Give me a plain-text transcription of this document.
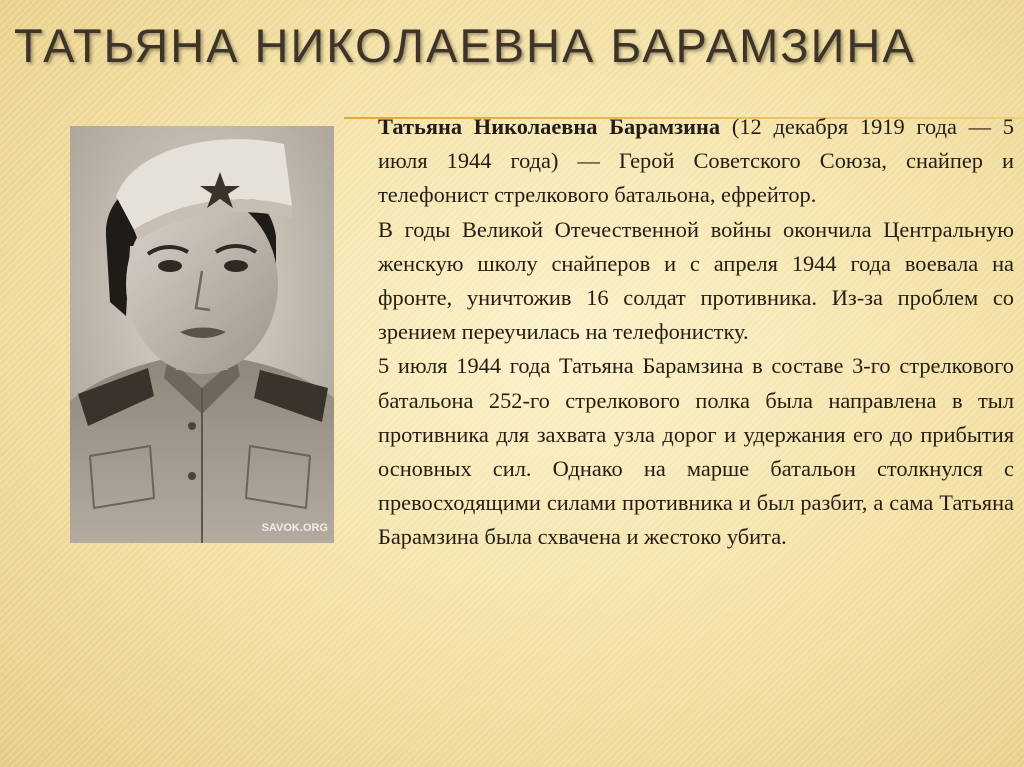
ТАТЬЯНА НИКОЛАЕВНА БАРАМЗИНА
SAVOK.ORG

Татьяна Николаевна Барамзина (12 декабря 1919 года — 5 июля 1944 года) — Герой Советского Союза, снайпер и телефонист стрелкового батальона, ефрейтор.

В годы Великой Отечественной войны окончила Центральную женскую школу снайперов и с апреля 1944 года воевала на фронте, уничтожив 16 солдат противника. Из-за проблем со зрением переучилась на телефонистку.

5 июля 1944 года Татьяна Барамзина в составе 3-го стрелкового батальона 252-го стрелкового полка была направлена в тыл противника для захвата узла дорог и удержания его до прибытия основных сил. Однако на марше батальон столкнулся с превосходящими силами противника и был разбит, а сама Татьяна Барамзина была схвачена и жестоко убита.
